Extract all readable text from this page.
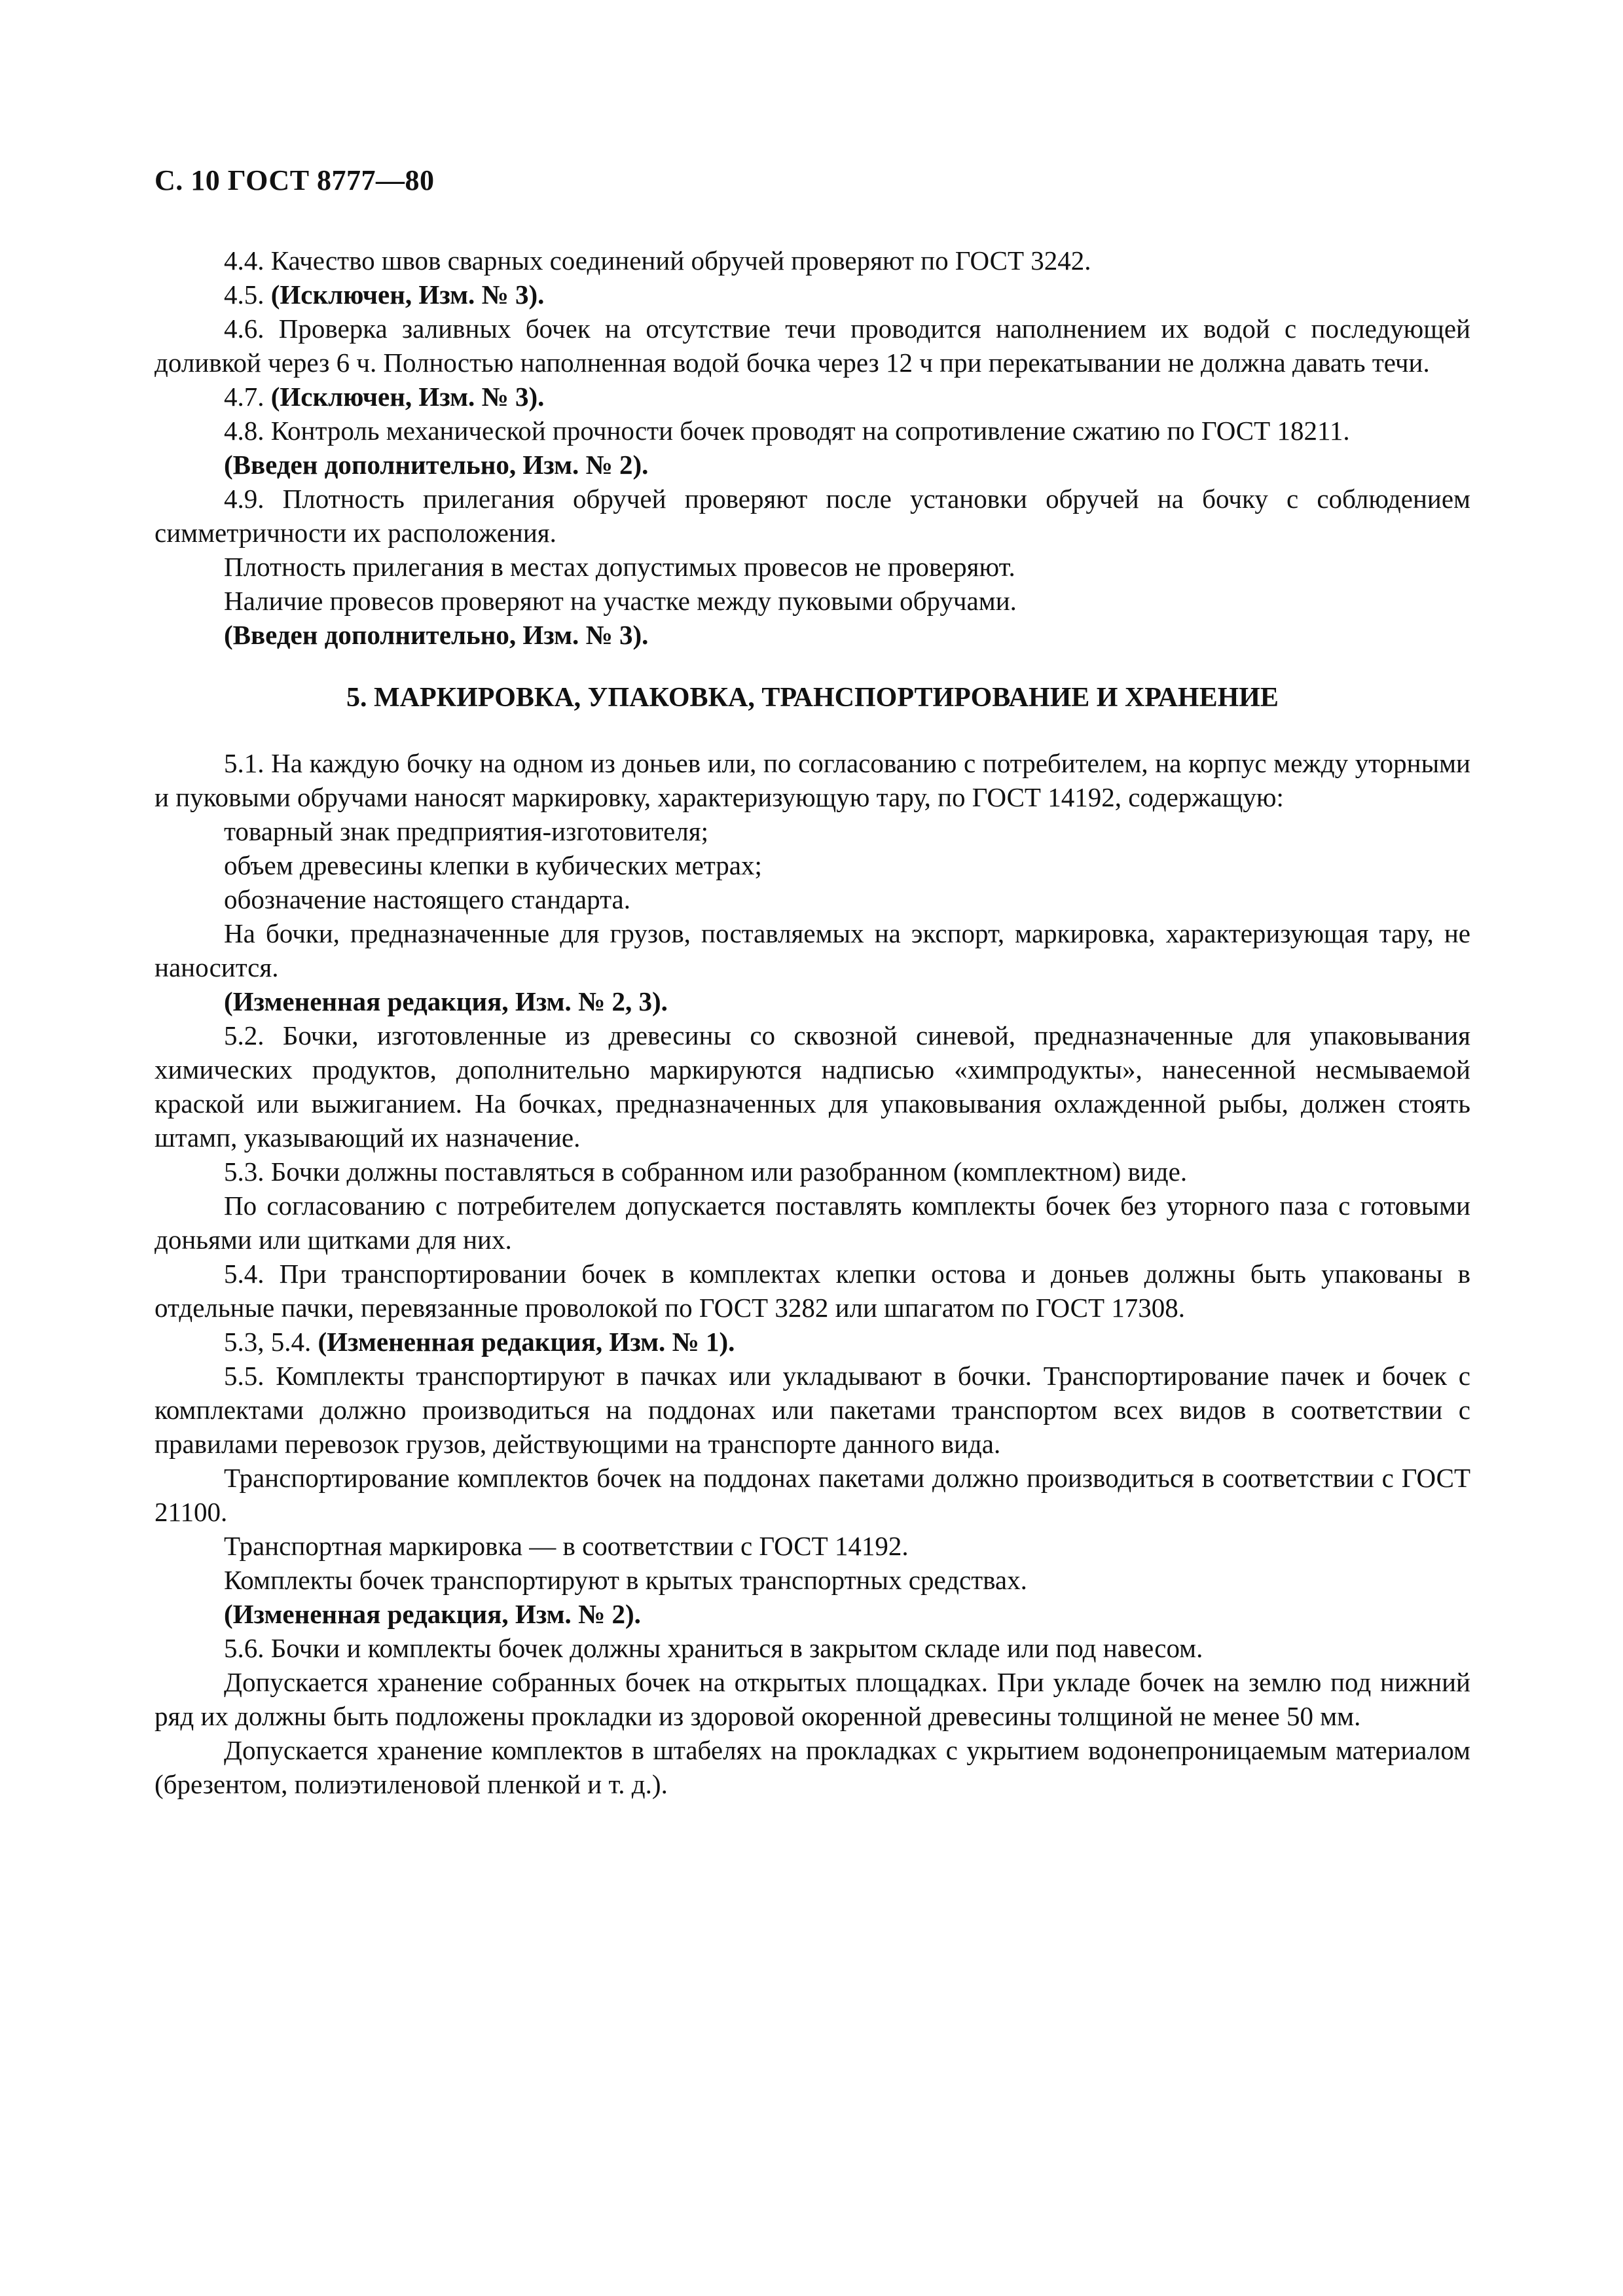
С. 10 ГОСТ 8777—80
4.4. Качество швов сварных соединений обручей проверяют по ГОСТ 3242.
4.5. (Исключен, Изм. № 3).
4.6. Проверка заливных бочек на отсутствие течи проводится наполнением их водой с последующей доливкой через 6 ч. Полностью наполненная водой бочка через 12 ч при перекатывании не должна давать течи.
4.7. (Исключен, Изм. № 3).
4.8. Контроль механической прочности бочек проводят на сопротивление сжатию по ГОСТ 18211.
(Введен дополнительно, Изм. № 2).
4.9. Плотность прилегания обручей проверяют после установки обручей на бочку с соблюдением симметричности их расположения.
Плотность прилегания в местах допустимых провесов не проверяют.
Наличие провесов проверяют на участке между пуковыми обручами.
(Введен дополнительно, Изм. № 3).
5. МАРКИРОВКА, УПАКОВКА, ТРАНСПОРТИРОВАНИЕ И ХРАНЕНИЕ
5.1. На каждую бочку на одном из доньев или, по согласованию с потребителем, на корпус между уторными и пуковыми обручами наносят маркировку, характеризующую тару, по ГОСТ 14192, содержащую:
товарный знак предприятия-изготовителя;
объем древесины клепки в кубических метрах;
обозначение настоящего стандарта.
На бочки, предназначенные для грузов, поставляемых на экспорт, маркировка, характеризующая тару, не наносится.
(Измененная редакция, Изм. № 2, 3).
5.2. Бочки, изготовленные из древесины со сквозной синевой, предназначенные для упаковывания химических продуктов, дополнительно маркируются надписью «химпродукты», нанесенной несмываемой краской или выжиганием. На бочках, предназначенных для упаковывания охлажденной рыбы, должен стоять штамп, указывающий их назначение.
5.3. Бочки должны поставляться в собранном или разобранном (комплектном) виде.
По согласованию с потребителем допускается поставлять комплекты бочек без уторного паза с готовыми доньями или щитками для них.
5.4. При транспортировании бочек в комплектах клепки остова и доньев должны быть упакованы в отдельные пачки, перевязанные проволокой по ГОСТ 3282 или шпагатом по ГОСТ 17308.
5.3, 5.4. (Измененная редакция, Изм. № 1).
5.5. Комплекты транспортируют в пачках или укладывают в бочки. Транспортирование пачек и бочек с комплектами должно производиться на поддонах или пакетами транспортом всех видов в соответствии с правилами перевозок грузов, действующими на транспорте данного вида.
Транспортирование комплектов бочек на поддонах пакетами должно производиться в соответствии с ГОСТ 21100.
Транспортная маркировка — в соответствии с ГОСТ 14192.
Комплекты бочек транспортируют в крытых транспортных средствах.
(Измененная редакция, Изм. № 2).
5.6. Бочки и комплекты бочек должны храниться в закрытом складе или под навесом.
Допускается хранение собранных бочек на открытых площадках. При укладе бочек на землю под нижний ряд их должны быть подложены прокладки из здоровой окоренной древесины толщиной не менее 50 мм.
Допускается хранение комплектов в штабелях на прокладках с укрытием водонепроницаемым материалом (брезентом, полиэтиленовой пленкой и т. д.).
